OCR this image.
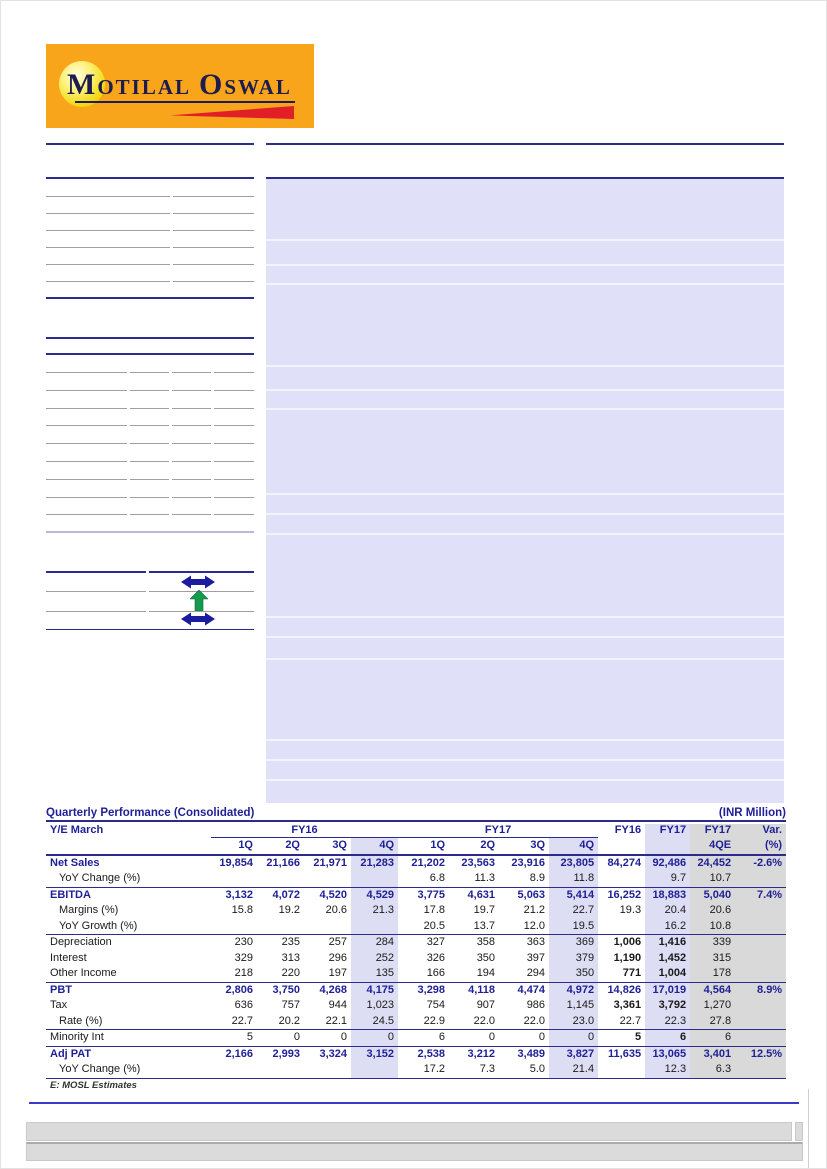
MOTILAL OSWAL
Quarterly Performance (Consolidated)	(INR Million)
Y/E March	FY16				FY17				FY16	FY17	FY17	Var.
	1Q	2Q	3Q	4Q	1Q	2Q	3Q	4Q			4QE	(%)
Net Sales	19,854	21,166	21,971	21,283	21,202	23,563	23,916	23,805	84,274	92,486	24,452	-2.6%
YoY Change (%)					6.8	11.3	8.9	11.8		9.7	10.7	
EBITDA	3,132	4,072	4,520	4,529	3,775	4,631	5,063	5,414	16,252	18,883	5,040	7.4%
Margins (%)	15.8	19.2	20.6	21.3	17.8	19.7	21.2	22.7	19.3	20.4	20.6	
YoY Growth (%)					20.5	13.7	12.0	19.5		16.2	10.8	
Depreciation	230	235	257	284	327	358	363	369	1,006	1,416	339	
Interest	329	313	296	252	326	350	397	379	1,190	1,452	315	
Other Income	218	220	197	135	166	194	294	350	771	1,004	178	
PBT	2,806	3,750	4,268	4,175	3,298	4,118	4,474	4,972	14,826	17,019	4,564	8.9%
Tax	636	757	944	1,023	754	907	986	1,145	3,361	3,792	1,270	
Rate (%)	22.7	20.2	22.1	24.5	22.9	22.0	22.0	23.0	22.7	22.3	27.8	
Minority Int	5	0	0	0	6	0	0	0	5	6	6	
Adj PAT	2,166	2,993	3,324	3,152	2,538	3,212	3,489	3,827	11,635	13,065	3,401	12.5%
YoY Change (%)					17.2	7.3	5.0	21.4		12.3	6.3	
E: MOSL Estimates												
